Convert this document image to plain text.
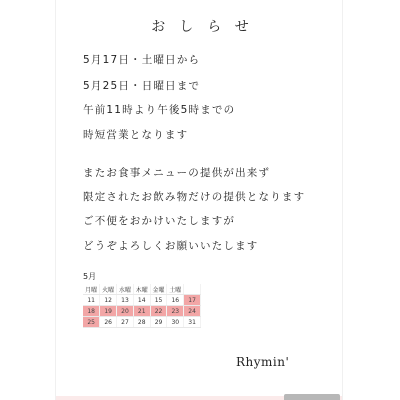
おしらせ
5月17日・土曜日から
5月25日・日曜日まで
午前11時より午後5時までの
時短営業となります
またお食事メニューの提供が出来ず
限定されたお飲み物だけの提供となります
ご不便をおかけいたしますが
どうぞよろしくお願いいたします
5月
月曜	火曜	水曜	木曜	金曜	土曜	
11	12	13	14	15	16	17
18	19	20	21	22	23	24
25	26	27	28	29	30	31
Rhymin'
